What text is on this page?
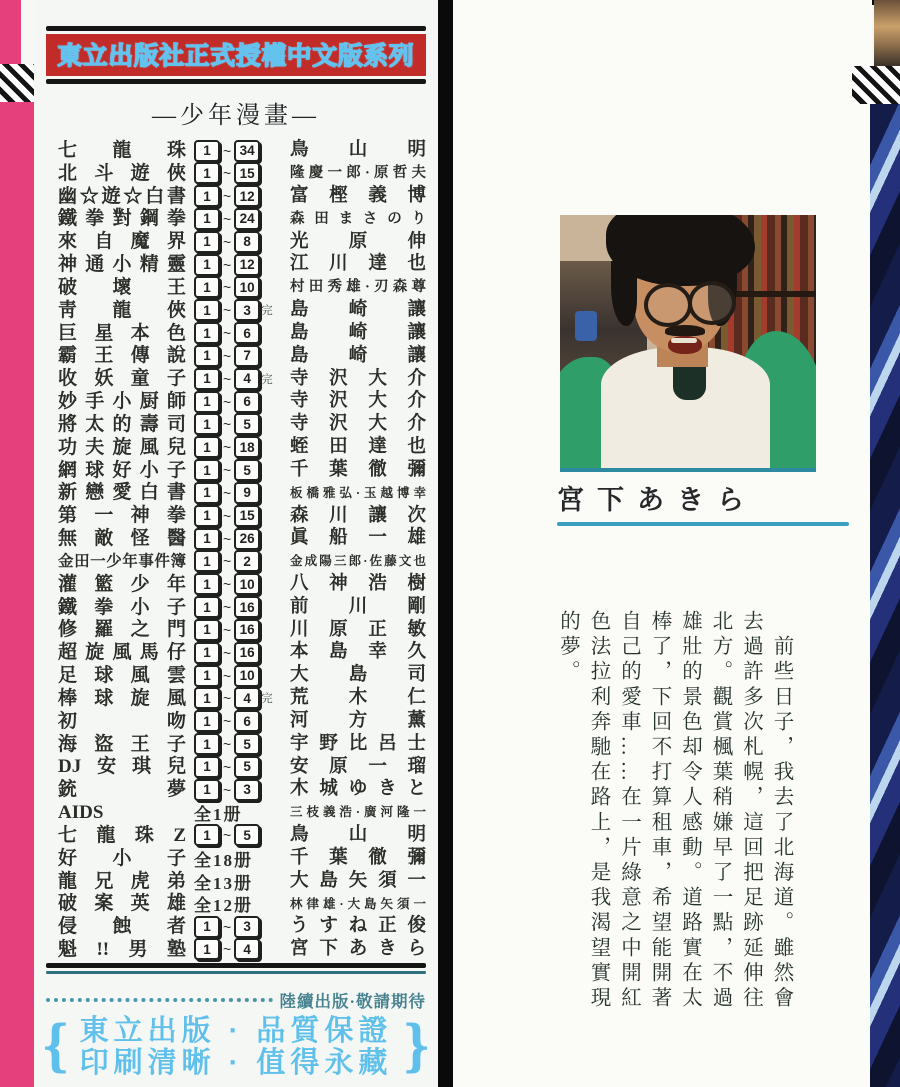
東立出版社正式授權中文版系列
—少年漫畫—
七龍珠	1 ~ 34 鳥山明
北斗遊俠	1 ~ 15	隆慶一郎·原哲夫
幽☆遊☆白書	1 ~ 12 富樫義博
鐵拳對鋼拳	1 ~ 24	森田まさのり
來自魔界	1 ~ 8	光原伸
神通小精靈	1 ~ 12 江川達也
破壞王	1 ~ 10	村田秀雄·刃森尊
靑龍俠	1 ~ 3 完 島崎讓
巨星本色	1 ~ 6	島崎讓
霸王傳說	1 ~ 7	島崎讓
收妖童子	1 ~ 4 完 寺沢大介
妙手小厨師	1 ~ 6	寺沢大介
將太的壽司	1 ~ 5	寺沢大介
功夫旋風兒	1 ~ 18 蛭田達也
網球好小子	1 ~ 5	千葉徹彌
新戀愛白書	1 ~ 9	板橋雅弘·玉越博幸
第一神拳	1 ~ 15 森川讓次
無敵怪醫	1 ~ 26 眞船一雄
金田一少年事件簿	1 ~ 2	金成陽三郎·佐藤文也
灌籃少年	1 ~ 10 八神浩樹
鐵拳小子	1 ~ 16 前川剛
修羅之門	1 ~ 16 川原正敏
超旋風馬仔	1 ~ 16 本島幸久
足球風雲	1 ~ 10 大島司
棒球旋風	1 ~ 4 完 荒木仁
初吻	1 ~ 6	河方薰
海盜王子	1 ~ 5	宇野比呂士
DJ安琪兒	1 ~ 5	安原一瑠
銃夢	1 ~ 3	木城ゆきと
AIDS	全1册	三枝義浩·廣河隆一
七龍珠Z	1 ~ 5	鳥山明
好小子 全18册 千葉徹彌
龍兄虎弟 全13册 大島矢須一
破案英雄 全12册	林律雄·大島矢須一
侵蝕者	1 ~ 3	うすね正俊
魁!!男塾	1 ~ 4	宮下あきら
陸續出版·敬請期待
{ 東立出版 · 品質保證
印刷清晰 · 值得永藏 }
宮下あきら
　前些日子，我去了北海道。雖然會去過許多次札幌，這回把足跡延伸往北方。觀賞楓葉稍嫌早了一點，不過雄壯的景色却令人感動。道路實在太棒了，下回不打算租車，希望能開著自己的愛車……在一片綠意之中開紅色法拉利奔馳在路上，是我渴望實現的夢。
